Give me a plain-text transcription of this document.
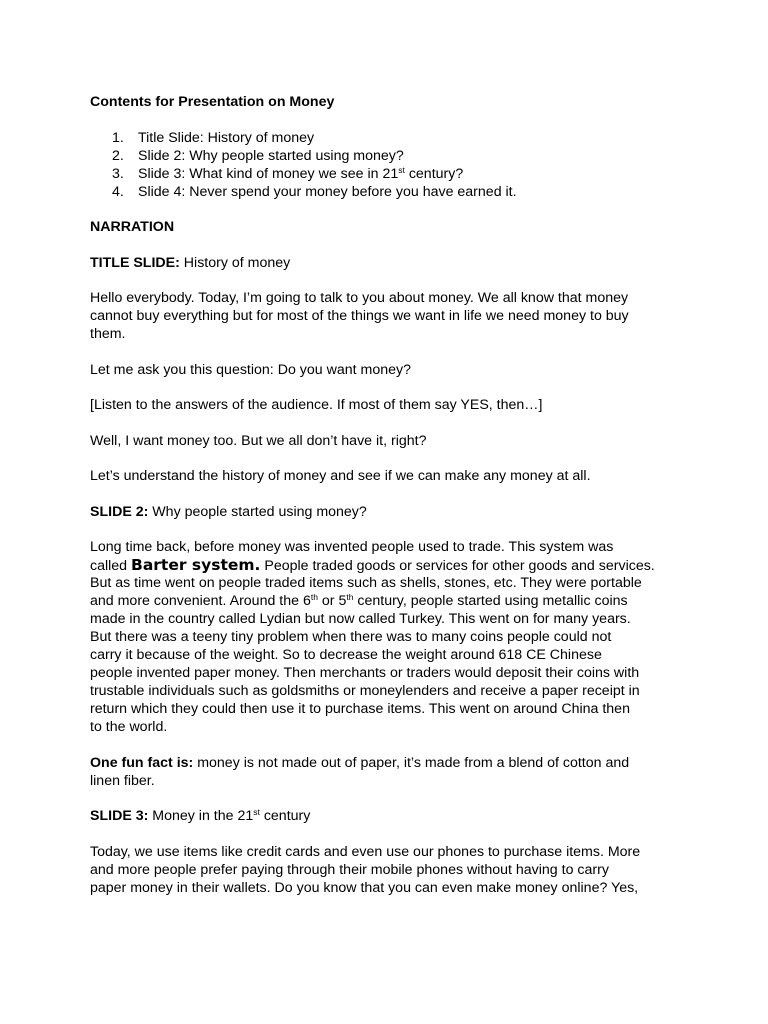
Contents for Presentation on Money
1. Title Slide: History of money
2. Slide 2: Why people started using money?
3. Slide 3: What kind of money we see in 21st century?
4. Slide 4: Never spend your money before you have earned it.
NARRATION
TITLE SLIDE: History of money
Hello everybody. Today, I’m going to talk to you about money. We all know that money
cannot buy everything but for most of the things we want in life we need money to buy
them.
Let me ask you this question: Do you want money?
[Listen to the answers of the audience. If most of them say YES, then…]
Well, I want money too. But we all don’t have it, right?
Let’s understand the history of money and see if we can make any money at all.
SLIDE 2: Why people started using money?
Long time back, before money was invented people used to trade. This system was
called Barter system. People traded goods or services for other goods and services.
But as time went on people traded items such as shells, stones, etc. They were portable
and more convenient. Around the 6th or 5th century, people started using metallic coins
made in the country called Lydian but now called Turkey. This went on for many years.
But there was a teeny tiny problem when there was to many coins people could not
carry it because of the weight. So to decrease the weight around 618 CE Chinese
people invented paper money. Then merchants or traders would deposit their coins with
trustable individuals such as goldsmiths or moneylenders and receive a paper receipt in
return which they could then use it to purchase items. This went on around China then
to the world.
One fun fact is: money is not made out of paper, it’s made from a blend of cotton and
linen fiber.
SLIDE 3: Money in the 21st century
Today, we use items like credit cards and even use our phones to purchase items. More
and more people prefer paying through their mobile phones without having to carry
paper money in their wallets. Do you know that you can even make money online? Yes,
